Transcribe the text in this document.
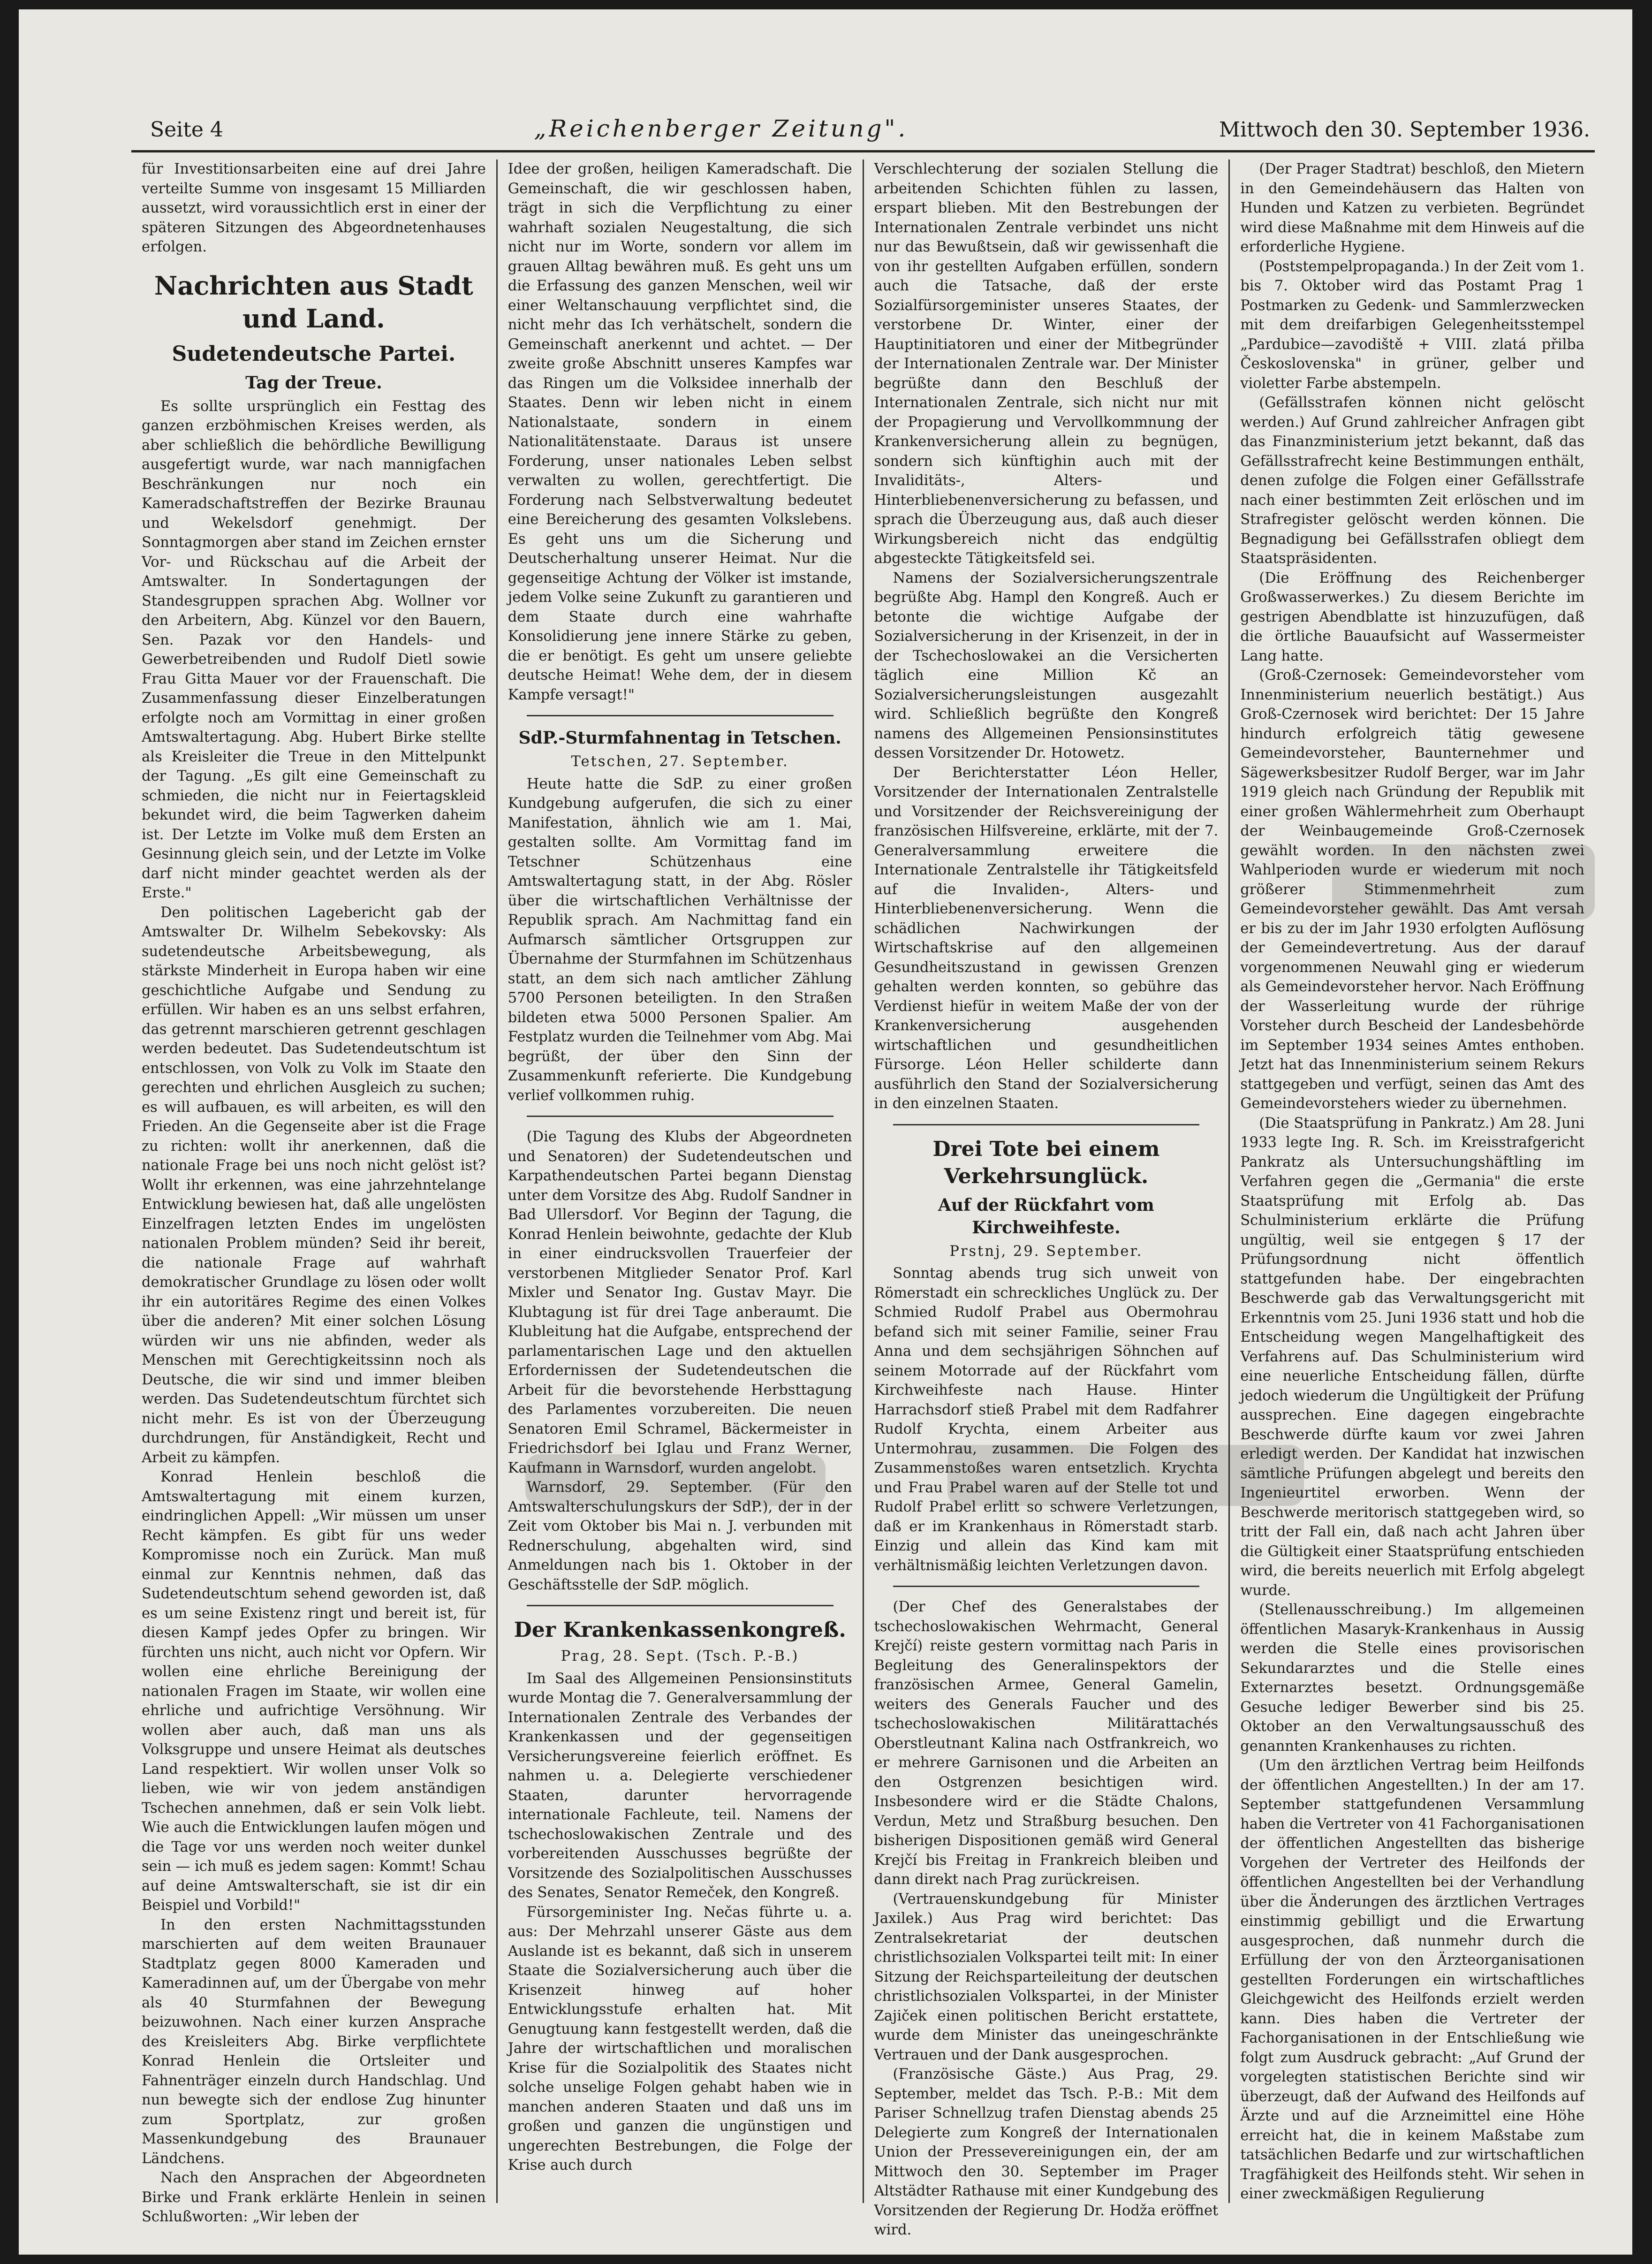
Seite 4	„Reichenberger Zeitung".	Mittwoch den 30. September 1936.

für Investitionsarbeiten eine auf drei Jahre verteilte Summe von insgesamt 15 Milliarden aussetzt, wird voraussichtlich erst in einer der späteren Sitzungen des Abgeordnetenhauses erfolgen.

Nachrichten aus Stadt und Land.
Sudetendeutsche Partei.
Tag der Treue.

Es sollte ursprünglich ein Festtag des ganzen erzböhmischen Kreises werden, als aber schließlich die behördliche Bewilligung ausgefertigt wurde, war nach mannigfachen Beschränkungen nur noch ein Kameradschaftstreffen der Bezirke Braunau und Wekelsdorf genehmigt. Der Sonntagmorgen aber stand im Zeichen ernster Vor- und Rückschau auf die Arbeit der Amtswalter. In Sondertagungen der Standesgruppen sprachen Abg. Wollner vor den Arbeitern, Abg. Künzel vor den Bauern, Sen. Pazak vor den Handels- und Gewerbetreibenden und Rudolf Dietl sowie Frau Gitta Mauer vor der Frauenschaft. Die Zusammenfassung dieser Einzelberatungen erfolgte noch am Vormittag in einer großen Amtswaltertagung. Abg. Hubert Birke stellte als Kreisleiter die Treue in den Mittelpunkt der Tagung. „Es gilt eine Gemeinschaft zu schmieden, die nicht nur in Feiertagskleid bekundet wird, die beim Tagwerken daheim ist. Der Letzte im Volke muß dem Ersten an Gesinnung gleich sein, und der Letzte im Volke darf nicht minder geachtet werden als der Erste."

Den politischen Lagebericht gab der Amtswalter Dr. Wilhelm Sebekovsky: Als sudetendeutsche Arbeitsbewegung, als stärkste Minderheit in Europa haben wir eine geschichtliche Aufgabe und Sendung zu erfüllen. Wir haben es an uns selbst erfahren, das getrennt marschieren getrennt geschlagen werden bedeutet. Das Sudetendeutschtum ist entschlossen, von Volk zu Volk im Staate den gerechten und ehrlichen Ausgleich zu suchen; es will aufbauen, es will arbeiten, es will den Frieden. An die Gegenseite aber ist die Frage zu richten: wollt ihr anerkennen, daß die nationale Frage bei uns noch nicht gelöst ist? Wollt ihr erkennen, was eine jahrzehntelange Entwicklung bewiesen hat, daß alle ungelösten Einzelfragen letzten Endes im ungelösten nationalen Problem münden? Seid ihr bereit, die nationale Frage auf wahrhaft demokratischer Grundlage zu lösen oder wollt ihr ein autoritäres Regime des einen Volkes über die anderen? Mit einer solchen Lösung würden wir uns nie abfinden, weder als Menschen mit Gerechtigkeitssinn noch als Deutsche, die wir sind und immer bleiben werden. Das Sudetendeutschtum fürchtet sich nicht mehr. Es ist von der Überzeugung durchdrungen, für Anständigkeit, Recht und Arbeit zu kämpfen.

Konrad Henlein beschloß die Amtswaltertagung mit einem kurzen, eindringlichen Appell: „Wir müssen um unser Recht kämpfen. Es gibt für uns weder Kompromisse noch ein Zurück. Man muß einmal zur Kenntnis nehmen, daß das Sudetendeutschtum sehend geworden ist, daß es um seine Existenz ringt und bereit ist, für diesen Kampf jedes Opfer zu bringen. Wir fürchten uns nicht, auch nicht vor Opfern. Wir wollen eine ehrliche Bereinigung der nationalen Fragen im Staate, wir wollen eine ehrliche und aufrichtige Versöhnung. Wir wollen aber auch, daß man uns als Volksgruppe und unsere Heimat als deutsches Land respektiert. Wir wollen unser Volk so lieben, wie wir von jedem anständigen Tschechen annehmen, daß er sein Volk liebt. Wie auch die Entwicklungen laufen mögen und die Tage vor uns werden noch weiter dunkel sein — ich muß es jedem sagen: Kommt! Schau auf deine Amtswalterschaft, sie ist dir ein Beispiel und Vorbild!"

In den ersten Nachmittagsstunden marschierten auf dem weiten Braunauer Stadtplatz gegen 8000 Kameraden und Kameradinnen auf, um der Übergabe von mehr als 40 Sturmfahnen der Bewegung beizuwohnen. Nach einer kurzen Ansprache des Kreisleiters Abg. Birke verpflichtete Konrad Henlein die Ortsleiter und Fahnenträger einzeln durch Handschlag. Und nun bewegte sich der endlose Zug hinunter zum Sportplatz, zur großen Massenkundgebung des Braunauer Ländchens.

Nach den Ansprachen der Abgeordneten Birke und Frank erklärte Henlein in seinen Schlußworten: „Wir leben der

Idee der großen, heiligen Kameradschaft. Die Gemeinschaft, die wir geschlossen haben, trägt in sich die Verpflichtung zu einer wahrhaft sozialen Neugestaltung, die sich nicht nur im Worte, sondern vor allem im grauen Alltag bewähren muß. Es geht uns um die Erfassung des ganzen Menschen, weil wir einer Weltanschauung verpflichtet sind, die nicht mehr das Ich verhätschelt, sondern die Gemeinschaft anerkennt und achtet. — Der zweite große Abschnitt unseres Kampfes war das Ringen um die Volksidee innerhalb der Staates. Denn wir leben nicht in einem Nationalstaate, sondern in einem Nationalitätenstaate. Daraus ist unsere Forderung, unser nationales Leben selbst verwalten zu wollen, gerechtfertigt. Die Forderung nach Selbstverwaltung bedeutet eine Bereicherung des gesamten Volkslebens. Es geht uns um die Sicherung und Deutscherhaltung unserer Heimat. Nur die gegenseitige Achtung der Völker ist imstande, jedem Volke seine Zukunft zu garantieren und dem Staate durch eine wahrhafte Konsolidierung jene innere Stärke zu geben, die er benötigt. Es geht um unsere geliebte deutsche Heimat! Wehe dem, der in diesem Kampfe versagt!"

SdP.-Sturmfahnentag in Tetschen.

Tetschen, 27. September.

Heute hatte die SdP. zu einer großen Kundgebung aufgerufen, die sich zu einer Manifestation, ähnlich wie am 1. Mai, gestalten sollte. Am Vormittag fand im Tetschner Schützenhaus eine Amtswaltertagung statt, in der Abg. Rösler über die wirtschaftlichen Verhältnisse der Republik sprach. Am Nachmittag fand ein Aufmarsch sämtlicher Ortsgruppen zur Übernahme der Sturmfahnen im Schützenhaus statt, an dem sich nach amtlicher Zählung 5700 Personen beteiligten. In den Straßen bildeten etwa 5000 Personen Spalier. Am Festplatz wurden die Teilnehmer vom Abg. Mai begrüßt, der über den Sinn der Zusammenkunft referierte. Die Kundgebung verlief vollkommen ruhig.

(Die Tagung des Klubs der Abgeordneten und Senatoren) der Sudetendeutschen und Karpathendeutschen Partei begann Dienstag unter dem Vorsitze des Abg. Rudolf Sandner in Bad Ullersdorf. Vor Beginn der Tagung, die Konrad Henlein beiwohnte, gedachte der Klub in einer eindrucksvollen Trauerfeier der verstorbenen Mitglieder Senator Prof. Karl Mixler und Senator Ing. Gustav Mayr. Die Klubtagung ist für drei Tage anberaumt. Die Klubleitung hat die Aufgabe, entsprechend der parlamentarischen Lage und den aktuellen Erfordernissen der Sudetendeutschen die Arbeit für die bevorstehende Herbsttagung des Parlamentes vorzubereiten. Die neuen Senatoren Emil Schramel, Bäckermeister in Friedrichsdorf bei Iglau und Franz Werner, Kaufmann in Warnsdorf, wurden angelobt.

Warnsdorf, 29. September. (Für den Amtswalterschulungskurs der SdP.), der in der Zeit vom Oktober bis Mai n. J. verbunden mit Rednerschulung, abgehalten wird, sind Anmeldungen nach bis 1. Oktober in der Geschäftsstelle der SdP. möglich.

Der Krankenkassenkongreß.

Prag, 28. Sept. (Tsch. P.-B.)

Im Saal des Allgemeinen Pensionsinstituts wurde Montag die 7. Generalversammlung der Internationalen Zentrale des Verbandes der Krankenkassen und der gegenseitigen Versicherungsvereine feierlich eröffnet. Es nahmen u. a. Delegierte verschiedener Staaten, darunter hervorragende internationale Fachleute, teil. Namens der tschechoslowakischen Zentrale und des vorbereitenden Ausschusses begrüßte der Vorsitzende des Sozialpolitischen Ausschusses des Senates, Senator Remeček, den Kongreß.

Fürsorgeminister Ing. Nečas führte u. a. aus: Der Mehrzahl unserer Gäste aus dem Auslande ist es bekannt, daß sich in unserem Staate die Sozialversicherung auch über die Krisenzeit hinweg auf hoher Entwicklungsstufe erhalten hat. Mit Genugtuung kann festgestellt werden, daß die Jahre der wirtschaftlichen und moralischen Krise für die Sozialpolitik des Staates nicht solche unselige Folgen gehabt haben wie in manchen anderen Staaten und daß uns im großen und ganzen die ungünstigen und ungerechten Bestrebungen, die Folge der Krise auch durch

Verschlechterung der sozialen Stellung die arbeitenden Schichten fühlen zu lassen, erspart blieben. Mit den Bestrebungen der Internationalen Zentrale verbindet uns nicht nur das Bewußtsein, daß wir gewissenhaft die von ihr gestellten Aufgaben erfüllen, sondern auch die Tatsache, daß der erste Sozialfürsorgeminister unseres Staates, der verstorbene Dr. Winter, einer der Hauptinitiatoren und einer der Mitbegründer der Internationalen Zentrale war. Der Minister begrüßte dann den Beschluß der Internationalen Zentrale, sich nicht nur mit der Propagierung und Vervollkommnung der Krankenversicherung allein zu begnügen, sondern sich künftighin auch mit der Invaliditäts-, Alters- und Hinterbliebenenversicherung zu befassen, und sprach die Überzeugung aus, daß auch dieser Wirkungsbereich nicht das endgültig abgesteckte Tätigkeitsfeld sei.

Namens der Sozialversicherungszentrale begrüßte Abg. Hampl den Kongreß. Auch er betonte die wichtige Aufgabe der Sozialversicherung in der Krisenzeit, in der in der Tschechoslowakei an die Versicherten täglich eine Million Kč an Sozialversicherungsleistungen ausgezahlt wird. Schließlich begrüßte den Kongreß namens des Allgemeinen Pensionsinstitutes dessen Vorsitzender Dr. Hotowetz.

Der Berichterstatter Léon Heller, Vorsitzender der Internationalen Zentralstelle und Vorsitzender der Reichsvereinigung der französischen Hilfsvereine, erklärte, mit der 7. Generalversammlung erweitere die Internationale Zentralstelle ihr Tätigkeitsfeld auf die Invaliden-, Alters- und Hinterbliebenenversicherung. Wenn die schädlichen Nachwirkungen der Wirtschaftskrise auf den allgemeinen Gesundheitszustand in gewissen Grenzen gehalten werden konnten, so gebühre das Verdienst hiefür in weitem Maße der von der Krankenversicherung ausgehenden wirtschaftlichen und gesundheitlichen Fürsorge. Léon Heller schilderte dann ausführlich den Stand der Sozialversicherung in den einzelnen Staaten.

Drei Tote bei einem Verkehrsunglück.
Auf der Rückfahrt vom Kirchweihfeste.

Prstnj, 29. September.

Sonntag abends trug sich unweit von Römerstadt ein schreckliches Unglück zu. Der Schmied Rudolf Prabel aus Obermohrau befand sich mit seiner Familie, seiner Frau Anna und dem sechsjährigen Söhnchen auf seinem Motorrade auf der Rückfahrt vom Kirchweihfeste nach Hause. Hinter Harrachsdorf stieß Prabel mit dem Radfahrer Rudolf Krychta, einem Arbeiter aus Untermohrau, zusammen. Die Folgen des Zusammenstoßes waren entsetzlich. Krychta und Frau Prabel waren auf der Stelle tot und Rudolf Prabel erlitt so schwere Verletzungen, daß er im Krankenhaus in Römerstadt starb. Einzig und allein das Kind kam mit verhältnismäßig leichten Verletzungen davon.

(Der Chef des Generalstabes der tschechoslowakischen Wehrmacht, General Krejčí) reiste gestern vormittag nach Paris in Begleitung des Generalinspektors der französischen Armee, General Gamelin, weiters des Generals Faucher und des tschechoslowakischen Militärattachés Oberstleutnant Kalina nach Ostfrankreich, wo er mehrere Garnisonen und die Arbeiten an den Ostgrenzen besichtigen wird. Insbesondere wird er die Städte Chalons, Verdun, Metz und Straßburg besuchen. Den bisherigen Dispositionen gemäß wird General Krejčí bis Freitag in Frankreich bleiben und dann direkt nach Prag zurückreisen.

(Vertrauenskundgebung für Minister Jaxilek.) Aus Prag wird berichtet: Das Zentralsekretariat der deutschen christlichsozialen Volkspartei teilt mit: In einer Sitzung der Reichsparteileitung der deutschen christlichsozialen Volkspartei, in der Minister Zajiček einen politischen Bericht erstattete, wurde dem Minister das uneingeschränkte Vertrauen und der Dank ausgesprochen.

(Französische Gäste.) Aus Prag, 29. September, meldet das Tsch. P.-B.: Mit dem Pariser Schnellzug trafen Dienstag abends 25 Delegierte zum Kongreß der Internationalen Union der Pressevereinigungen ein, der am Mittwoch den 30. September im Prager Altstädter Rathause mit einer Kundgebung des Vorsitzenden der Regierung Dr. Hodža eröffnet wird.

(Der Prager Stadtrat) beschloß, den Mietern in den Gemeindehäusern das Halten von Hunden und Katzen zu verbieten. Begründet wird diese Maßnahme mit dem Hinweis auf die erforderliche Hygiene.

(Poststempelpropaganda.) In der Zeit vom 1. bis 7. Oktober wird das Postamt Prag 1 Postmarken zu Gedenk- und Sammlerzwecken mit dem dreifarbigen Gelegenheitsstempel „Pardubice—zavodiště + VIII. zlatá přilba Československa" in grüner, gelber und violetter Farbe abstempeln.

(Gefällsstrafen können nicht gelöscht werden.) Auf Grund zahlreicher Anfragen gibt das Finanzministerium jetzt bekannt, daß das Gefällsstrafrecht keine Bestimmungen enthält, denen zufolge die Folgen einer Gefällsstrafe nach einer bestimmten Zeit erlöschen und im Strafregister gelöscht werden können. Die Begnadigung bei Gefällsstrafen obliegt dem Staatspräsidenten.

(Die Eröffnung des Reichenberger Großwasserwerkes.) Zu diesem Berichte im gestrigen Abendblatte ist hinzuzufügen, daß die örtliche Bauaufsicht auf Wassermeister Lang hatte.

(Groß-Czernosek: Gemeindevorsteher vom Innenministerium neuerlich bestätigt.) Aus Groß-Czernosek wird berichtet: Der 15 Jahre hindurch erfolgreich tätig gewesene Gemeindevorsteher, Baunternehmer und Sägewerksbesitzer Rudolf Berger, war im Jahr 1919 gleich nach Gründung der Republik mit einer großen Wählermehrheit zum Oberhaupt der Weinbaugemeinde Groß-Czernosek gewählt worden. In den nächsten zwei Wahlperioden wurde er wiederum mit noch größerer Stimmenmehrheit zum Gemeindevorsteher gewählt. Das Amt versah er bis zu der im Jahr 1930 erfolgten Auflösung der Gemeindevertretung. Aus der darauf vorgenommenen Neuwahl ging er wiederum als Gemeindevorsteher hervor. Nach Eröffnung der Wasserleitung wurde der rührige Vorsteher durch Bescheid der Landesbehörde im September 1934 seines Amtes enthoben. Jetzt hat das Innenministerium seinem Rekurs stattgegeben und verfügt, seinen das Amt des Gemeindevorstehers wieder zu übernehmen.

(Die Staatsprüfung in Pankratz.) Am 28. Juni 1933 legte Ing. R. Sch. im Kreisstrafgericht Pankratz als Untersuchungshäftling im Verfahren gegen die „Germania" die erste Staatsprüfung mit Erfolg ab. Das Schulministerium erklärte die Prüfung ungültig, weil sie entgegen § 17 der Prüfungsordnung nicht öffentlich stattgefunden habe. Der eingebrachten Beschwerde gab das Verwaltungsgericht mit Erkenntnis vom 25. Juni 1936 statt und hob die Entscheidung wegen Mangelhaftigkeit des Verfahrens auf. Das Schulministerium wird eine neuerliche Entscheidung fällen, dürfte jedoch wiederum die Ungültigkeit der Prüfung aussprechen. Eine dagegen eingebrachte Beschwerde dürfte kaum vor zwei Jahren erledigt werden. Der Kandidat hat inzwischen sämtliche Prüfungen abgelegt und bereits den Ingenieurtitel erworben. Wenn der Beschwerde meritorisch stattgegeben wird, so tritt der Fall ein, daß nach acht Jahren über die Gültigkeit einer Staatsprüfung entschieden wird, die bereits neuerlich mit Erfolg abgelegt wurde.

(Stellenausschreibung.) Im allgemeinen öffentlichen Masaryk-Krankenhaus in Aussig werden die Stelle eines provisorischen Sekundararztes und die Stelle eines Externarztes besetzt. Ordnungsgemäße Gesuche lediger Bewerber sind bis 25. Oktober an den Verwaltungsausschuß des genannten Krankenhauses zu richten.

(Um den ärztlichen Vertrag beim Heilfonds der öffentlichen Angestellten.) In der am 17. September stattgefundenen Versammlung haben die Vertreter von 41 Fachorganisationen der öffentlichen Angestellten das bisherige Vorgehen der Vertreter des Heilfonds der öffentlichen Angestellten bei der Verhandlung über die Änderungen des ärztlichen Vertrages einstimmig gebilligt und die Erwartung ausgesprochen, daß nunmehr durch die Erfüllung der von den Ärzteorganisationen gestellten Forderungen ein wirtschaftliches Gleichgewicht des Heilfonds erzielt werden kann. Dies haben die Vertreter der Fachorganisationen in der Entschließung wie folgt zum Ausdruck gebracht: „Auf Grund der vorgelegten statistischen Berichte sind wir überzeugt, daß der Aufwand des Heilfonds auf Ärzte und auf die Arzneimittel eine Höhe erreicht hat, die in keinem Maßstabe zum tatsächlichen Bedarfe und zur wirtschaftlichen Tragfähigkeit des Heilfonds steht. Wir sehen in einer zweckmäßigen Regulierung
